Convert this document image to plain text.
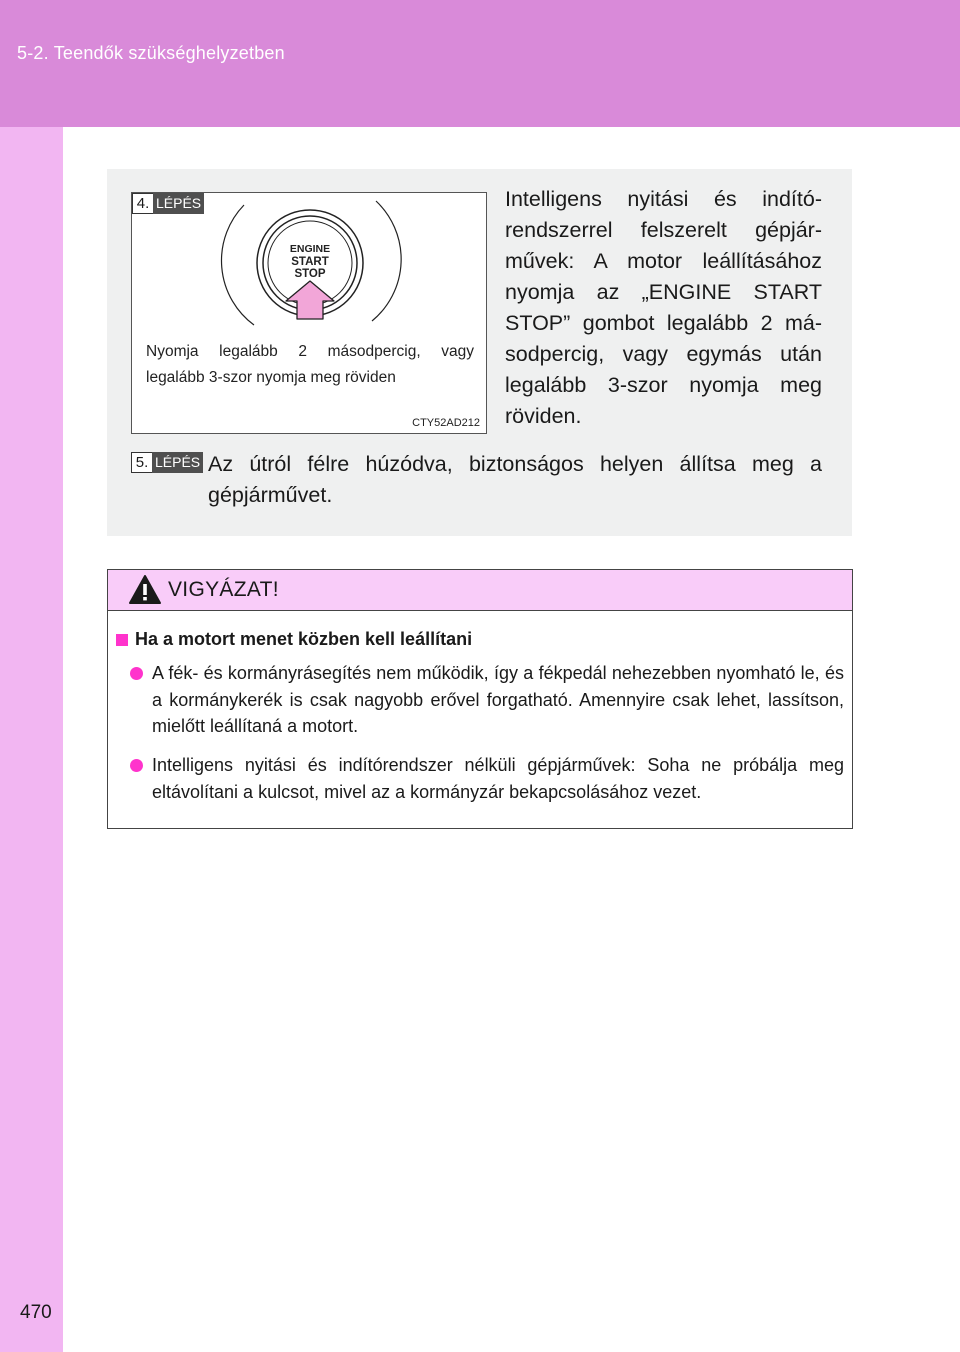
5-2. Teendők szükséghelyzetben
470
4. LÉPÉS
ENGINE
START
STOP
Nyomja legalább 2 másodpercig, vagy
legalább 3-szor nyomja meg röviden
CTY52AD212
Intelligens nyitási és indító-rendszerrel felszerelt gépjár-művek: A motor leállításához nyomja az „ENGINE START STOP” gombot legalább 2 má-sodpercig, vagy egymás után legalább 3-szor nyomja meg röviden.
5. LÉPÉS Az útról félre húzódva, biztonságos helyen állítsa meg a gépjárművet.
VIGYÁZAT!
Ha a motort menet közben kell leállítani
A fék- és kormányrásegítés nem működik, így a fékpedál nehezebben nyomható le, és a kormánykerék is csak nagyobb erővel forgatható. Amennyire csak lehet, lassítson, mielőtt leállítaná a motort.
Intelligens nyitási és indítórendszer nélküli gépjárművek: Soha ne próbálja meg eltávolítani a kulcsot, mivel az a kormányzár bekapcsolásához vezet.
